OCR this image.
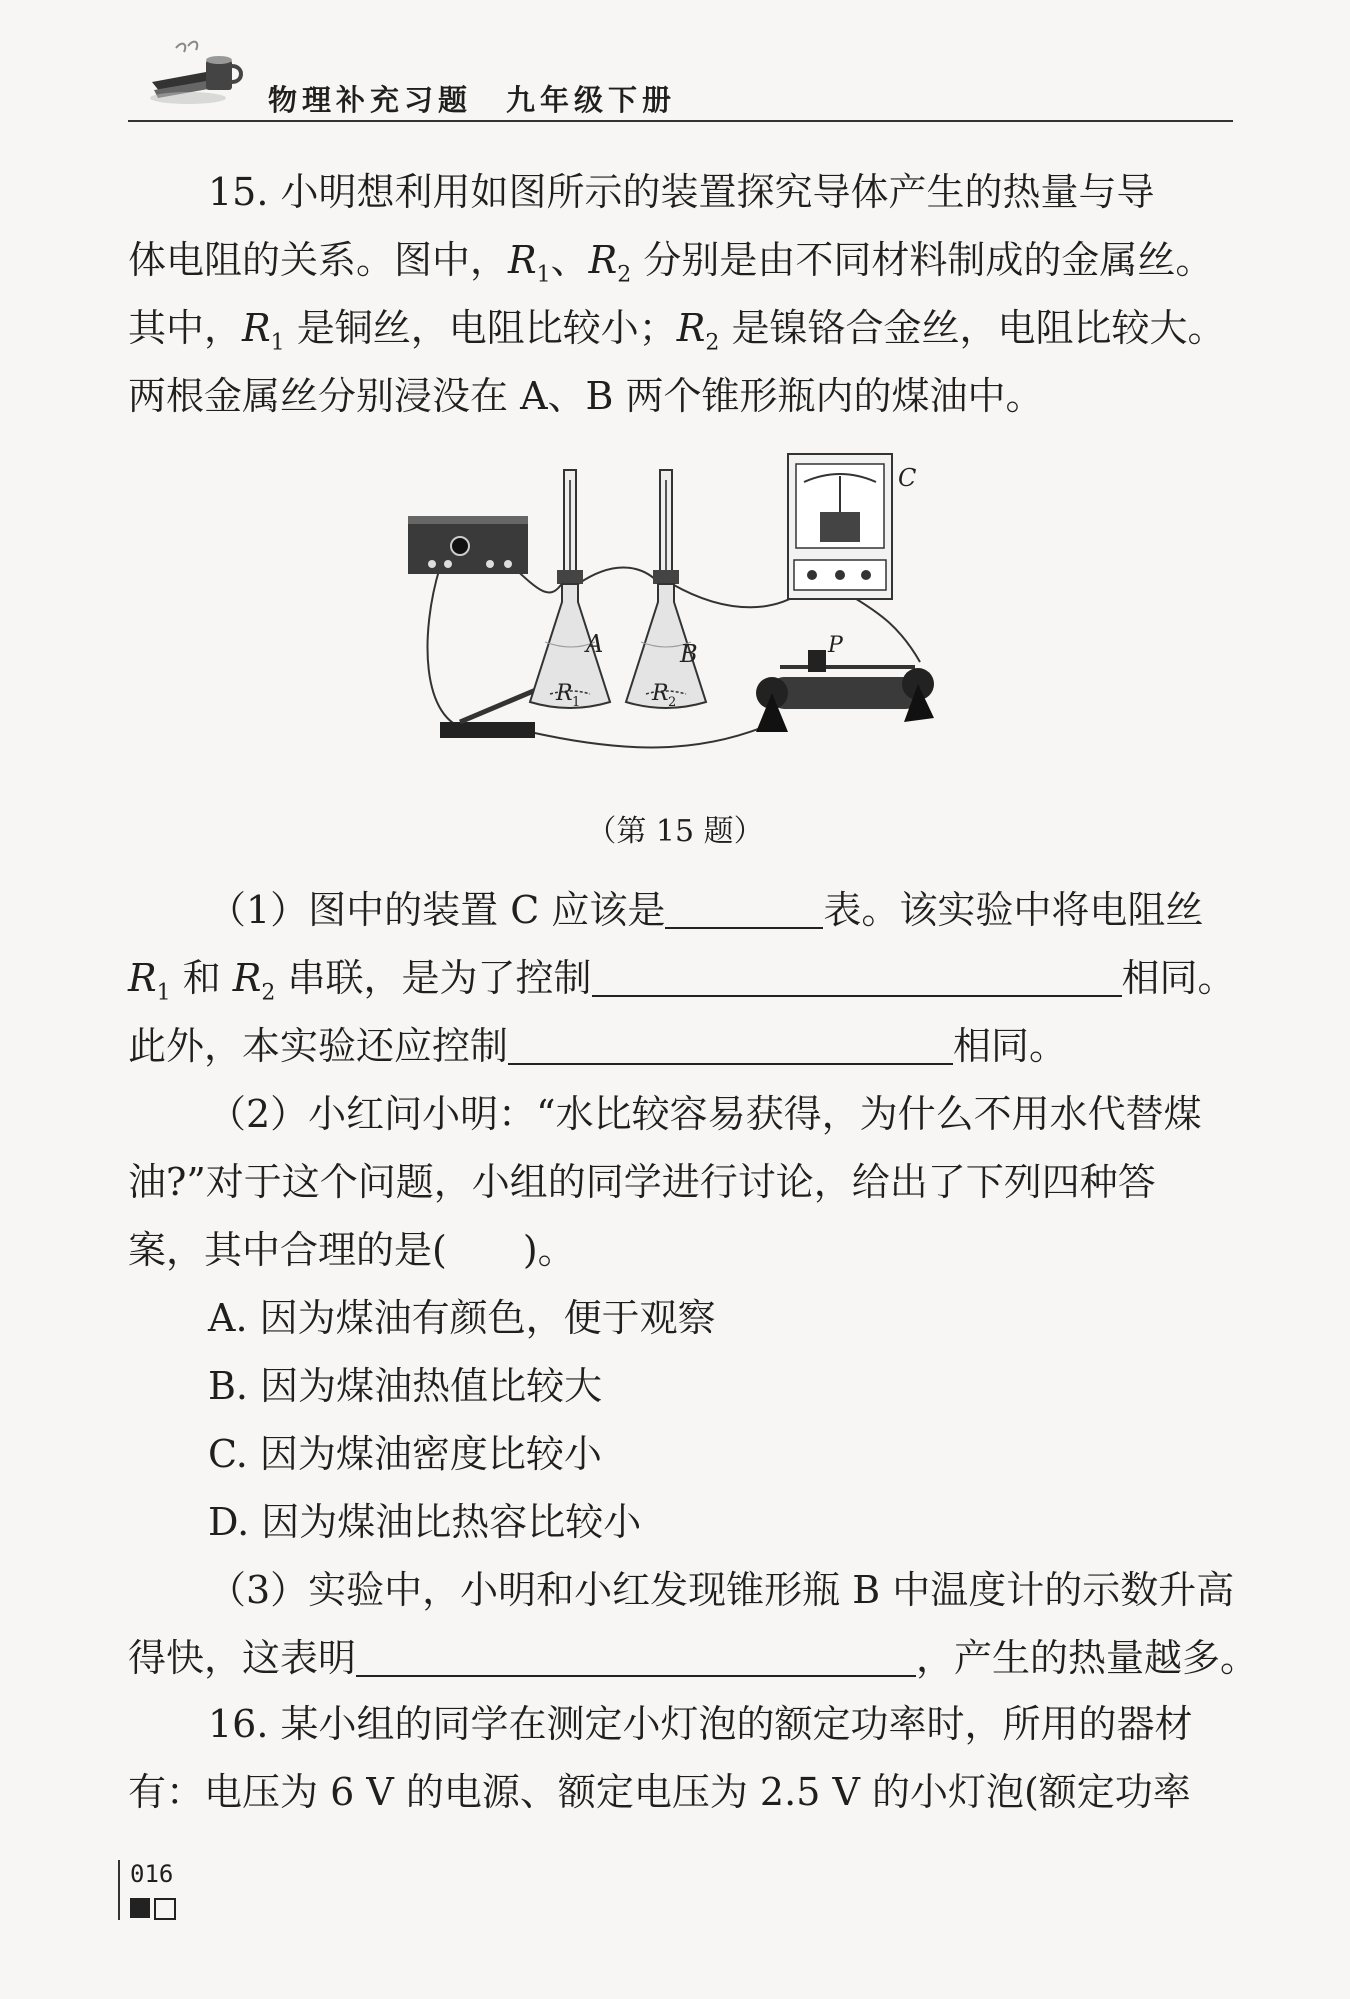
物理补充习题　九年级下册
15. 小明想利用如图所示的装置探究导体产生的热量与导
体电阻的关系。图中，$R_1$、$R_2$ 分别是由不同材料制成的金属丝。
其中，$R_1$ 是铜丝，电阻比较小；$R_2$ 是镍铬合金丝，电阻比较大。
两根金属丝分别浸没在 A、B 两个锥形瓶内的煤油中。
A	B
C
P
R 1	R 2
（第 15 题）
（1）图中的装置 C 应该是	表。该实验中将电阻丝
$R_1$ 和 $R_2$ 串联，是为了控制	相同。
此外，本实验还应控制	相同。
（2）小红问小明：“水比较容易获得，为什么不用水代替煤
油?”对于这个问题，小组的同学进行讨论，给出了下列四种答
案，其中合理的是(　　)。
A. 因为煤油有颜色，便于观察
B. 因为煤油热值比较大
C. 因为煤油密度比较小
D. 因为煤油比热容比较小
（3）实验中，小明和小红发现锥形瓶 B 中温度计的示数升高
得快，这表明	，产生的热量越多。
16. 某小组的同学在测定小灯泡的额定功率时，所用的器材
有：电压为 6 V 的电源、额定电压为 2.5 V 的小灯泡(额定功率
016
